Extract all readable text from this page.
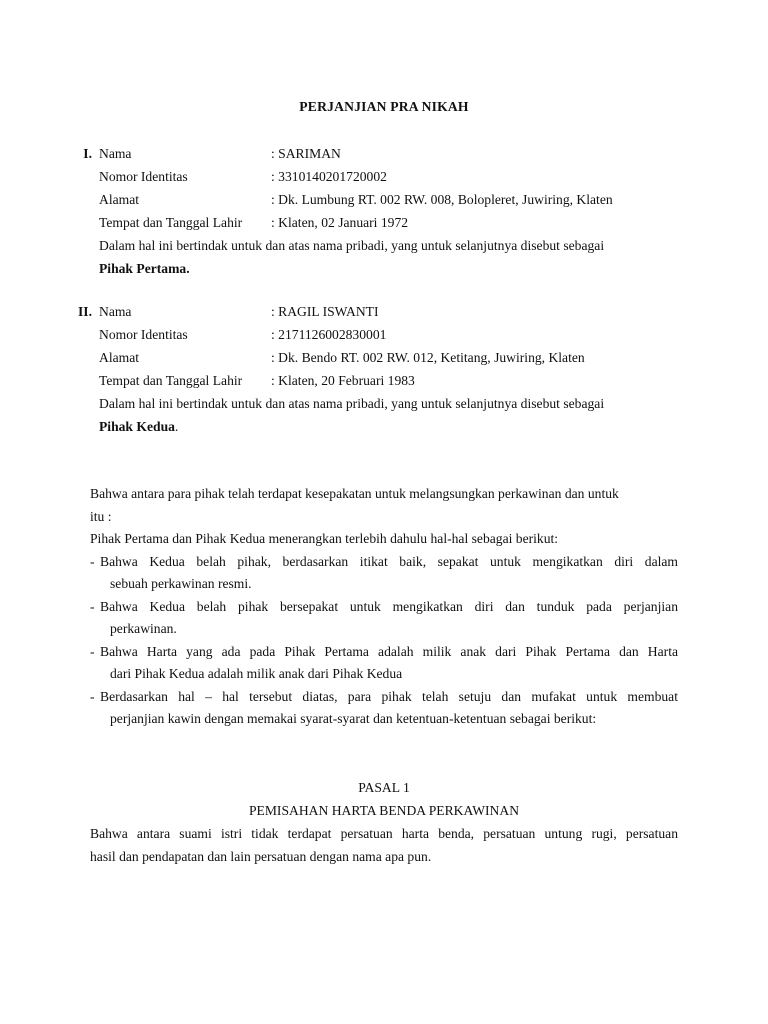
PERJANJIAN PRA NIKAH
I. Nama	: SARIMAN
Nomor Identitas	: 3310140201720002
Alamat	: Dk. Lumbung RT. 002 RW. 008, Bolopleret, Juwiring, Klaten
Tempat dan Tanggal Lahir : Klaten, 02 Januari 1972
Dalam hal ini bertindak untuk dan atas nama pribadi, yang untuk selanjutnya disebut sebagai
Pihak Pertama.
II. Nama	: RAGIL ISWANTI
Nomor Identitas	: 2171126002830001
Alamat	: Dk. Bendo RT. 002 RW. 012, Ketitang, Juwiring, Klaten
Tempat dan Tanggal Lahir : Klaten, 20 Februari 1983
Dalam hal ini bertindak untuk dan atas nama pribadi, yang untuk selanjutnya disebut sebagai
Pihak Kedua.

Bahwa antara para pihak telah terdapat kesepakatan untuk melangsungkan perkawinan dan untuk

itu :

Pihak Pertama dan Pihak Kedua menerangkan terlebih dahulu hal-hal sebagai berikut:

- Bahwa Kedua belah pihak, berdasarkan itikat baik, sepakat untuk mengikatkan diri dalam
sebuah perkawinan resmi.
- Bahwa Kedua belah pihak bersepakat untuk mengikatkan diri dan tunduk pada perjanjian
perkawinan.
- Bahwa Harta yang ada pada Pihak Pertama adalah milik anak dari Pihak Pertama dan Harta
dari Pihak Kedua adalah milik anak dari Pihak Kedua
- Berdasarkan hal – hal tersebut diatas, para pihak telah setuju dan mufakat untuk membuat
perjanjian kawin dengan memakai syarat-syarat dan ketentuan-ketentuan sebagai berikut:
PASAL 1
PEMISAHAN HARTA BENDA PERKAWINAN
Bahwa antara suami istri tidak terdapat persatuan harta benda, persatuan untung rugi, persatuan
hasil dan pendapatan dan lain persatuan dengan nama apa pun.
